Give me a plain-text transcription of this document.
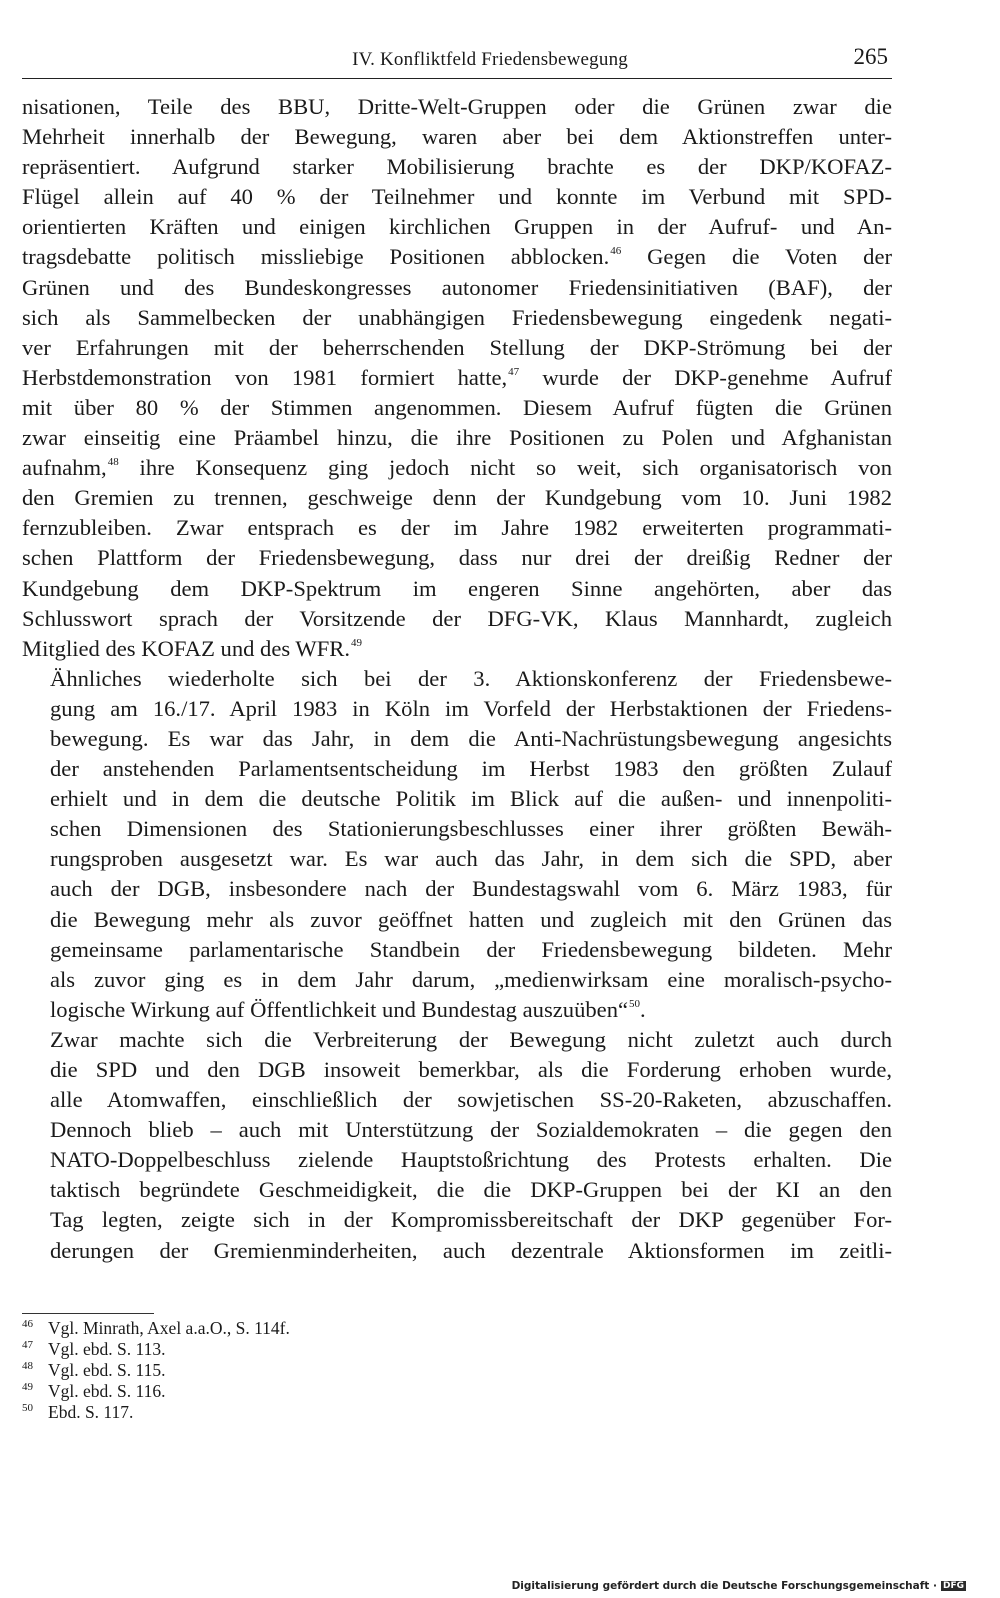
IV. Konfliktfeld Friedensbewegung	265

nisationen, Teile des BBU, Dritte-Welt-Gruppen oder die Grünen zwar die
Mehrheit innerhalb der Bewegung, waren aber bei dem Aktionstreffen unter-
repräsentiert. Aufgrund starker Mobilisierung brachte es der DKP/KOFAZ-
Flügel allein auf 40 % der Teilnehmer und konnte im Verbund mit SPD-
orientierten Kräften und einigen kirchlichen Gruppen in der Aufruf- und An-
tragsdebatte politisch missliebige Positionen abblocken.$^{46}$ Gegen die Voten der
Grünen und des Bundeskongresses autonomer Friedensinitiativen (BAF), der
sich als Sammelbecken der unabhängigen Friedensbewegung eingedenk negati-
ver Erfahrungen mit der beherrschenden Stellung der DKP-Strömung bei der
Herbstdemonstration von 1981 formiert hatte,$^{47}$ wurde der DKP-genehme Aufruf
mit über 80 % der Stimmen angenommen. Diesem Aufruf fügten die Grünen
zwar einseitig eine Präambel hinzu, die ihre Positionen zu Polen und Afghanistan
aufnahm,$^{48}$ ihre Konsequenz ging jedoch nicht so weit, sich organisatorisch von
den Gremien zu trennen, geschweige denn der Kundgebung vom 10. Juni 1982
fernzubleiben. Zwar entsprach es der im Jahre 1982 erweiterten programmati-
schen Plattform der Friedensbewegung, dass nur drei der dreißig Redner der
Kundgebung dem DKP-Spektrum im engeren Sinne angehörten, aber das
Schlusswort sprach der Vorsitzende der DFG-VK, Klaus Mannhardt, zugleich
Mitglied des KOFAZ und des WFR.$^{49}$

Ähnliches wiederholte sich bei der 3. Aktionskonferenz der Friedensbewe-
gung am 16./17. April 1983 in Köln im Vorfeld der Herbstaktionen der Friedens-
bewegung. Es war das Jahr, in dem die Anti-Nachrüstungsbewegung angesichts
der anstehenden Parlamentsentscheidung im Herbst 1983 den größten Zulauf
erhielt und in dem die deutsche Politik im Blick auf die außen- und innenpoliti-
schen Dimensionen des Stationierungsbeschlusses einer ihrer größten Bewäh-
rungsproben ausgesetzt war. Es war auch das Jahr, in dem sich die SPD, aber
auch der DGB, insbesondere nach der Bundestagswahl vom 6. März 1983, für
die Bewegung mehr als zuvor geöffnet hatten und zugleich mit den Grünen das
gemeinsame parlamentarische Standbein der Friedensbewegung bildeten. Mehr
als zuvor ging es in dem Jahr darum, „medienwirksam eine moralisch-psycho-
logische Wirkung auf Öffentlichkeit und Bundestag auszuüben“$^{50}$.

Zwar machte sich die Verbreiterung der Bewegung nicht zuletzt auch durch
die SPD und den DGB insoweit bemerkbar, als die Forderung erhoben wurde,
alle Atomwaffen, einschließlich der sowjetischen SS-20-Raketen, abzuschaffen.
Dennoch blieb – auch mit Unterstützung der Sozialdemokraten – die gegen den
NATO-Doppelbeschluss zielende Hauptstoßrichtung des Protests erhalten. Die
taktisch begründete Geschmeidigkeit, die die DKP-Gruppen bei der KI an den
Tag legten, zeigte sich in der Kompromissbereitschaft der DKP gegenüber For-
derungen der Gremienminderheiten, auch dezentrale Aktionsformen im zeitli-

46 Vgl. Minrath, Axel a.a.O., S. 114f.
47 Vgl. ebd. S. 113.
48 Vgl. ebd. S. 115.
49 Vgl. ebd. S. 116.
50 Ebd. S. 117.
Digitalisierung gefördert durch die Deutsche Forschungsgemeinschaft · DFG
